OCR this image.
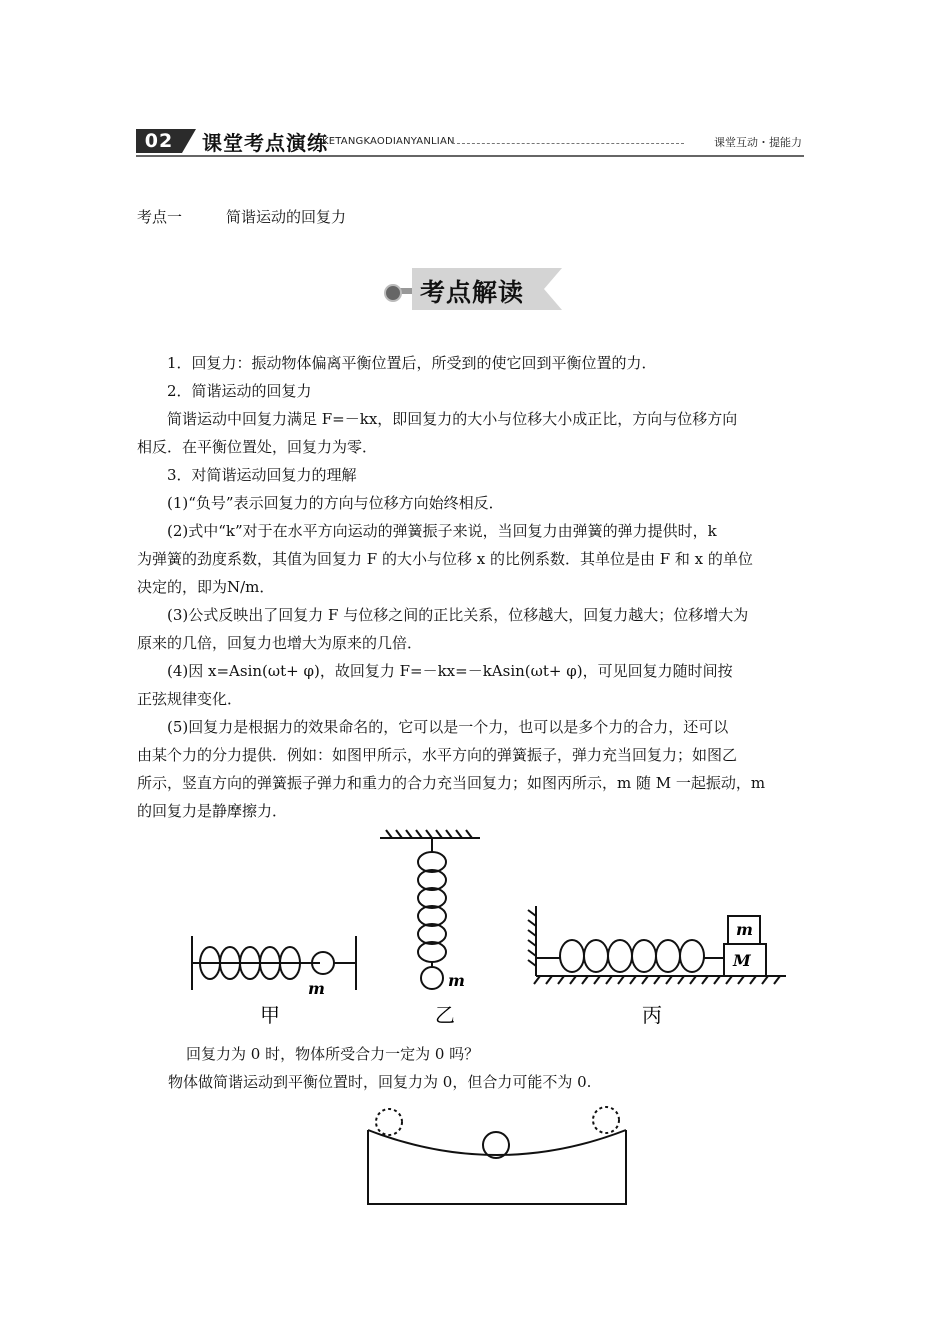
02	课堂考点演练
KETANGKAODIANYANLIAN	课堂互动・提能力
考点一	简谐运动的回复力
考点解读

1．回复力：振动物体偏离平衡位置后，所受到的使它回到平衡位置的力．

2．简谐运动的回复力

简谐运动中回复力满足 F=－kx，即回复力的大小与位移大小成正比，方向与位移方向

相反．在平衡位置处，回复力为零．

3．对简谐运动回复力的理解

(1)“负号”表示回复力的方向与位移方向始终相反．

(2)式中“k”对于在水平方向运动的弹簧振子来说，当回复力由弹簧的弹力提供时，k

为弹簧的劲度系数，其值为回复力 F 的大小与位移 x 的比例系数．其单位是由 F 和 x 的单位

决定的，即为N/m．

(3)公式反映出了回复力 F 与位移之间的正比关系，位移越大，回复力越大；位移增大为

原来的几倍，回复力也增大为原来的几倍．

(4)因 x=Asin(ωt+ φ)，故回复力 F=－kx=－kAsin(ωt+ φ)，可见回复力随时间按

正弦规律变化．

(5)回复力是根据力的效果命名的，它可以是一个力，也可以是多个力的合力，还可以

由某个力的分力提供．例如：如图甲所示，水平方向的弹簧振子，弹力充当回复力；如图乙

所示，竖直方向的弹簧振子弹力和重力的合力充当回复力；如图丙所示，m 随 M 一起振动，m

的回复力是静摩擦力．

m
甲
m
乙
m
M
丙
回复力为 0 时，物体所受合力一定为 0 吗？
物体做简谐运动到平衡位置时，回复力为 0，但合力可能不为 0.
